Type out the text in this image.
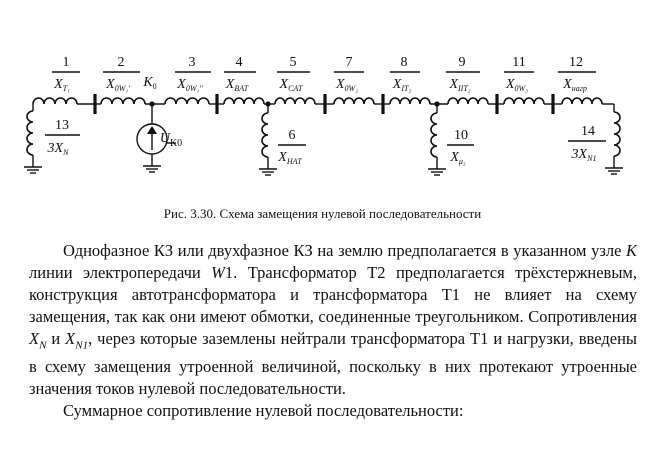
1
$X_{T_1}$
2
$X_{0W_1'}$
3
$X_{0W_1''}$
4
$X_{BAT}$
5
$X_{CAT}$
7
$X_{0W_2}$
8
$X_{IT_2}$
9
$X_{IIT_2}$
11
$X_{0W_3}$
12
$X_{нагр}$
$K_0$
$U_{K0}$
13
$3X_N$
6
$X_{HAT}$
10
$X_{\mu_3}$
14
$3X_{N1}$
Рис. 3.30. Схема замещения нулевой последовательности

Однофазное КЗ или двухфазное КЗ на землю предполагается в указанном узле K линии электропередачи W1. Трансформатор Т2 предполагается трёхстержневым, конструкция автотрансформатора и трансформатора Т1 не влияет на схему замещения, так как они имеют обмотки, соединенные треугольником. Сопротивления $X_N$ и $X_{N1}$, через которые заземлены нейтрали трансформатора Т1 и нагрузки, введены в схему замещения утроенной величиной, поскольку в них протекают утроенные значения токов нулевой последовательности.

Суммарное сопротивление нулевой последовательности:
